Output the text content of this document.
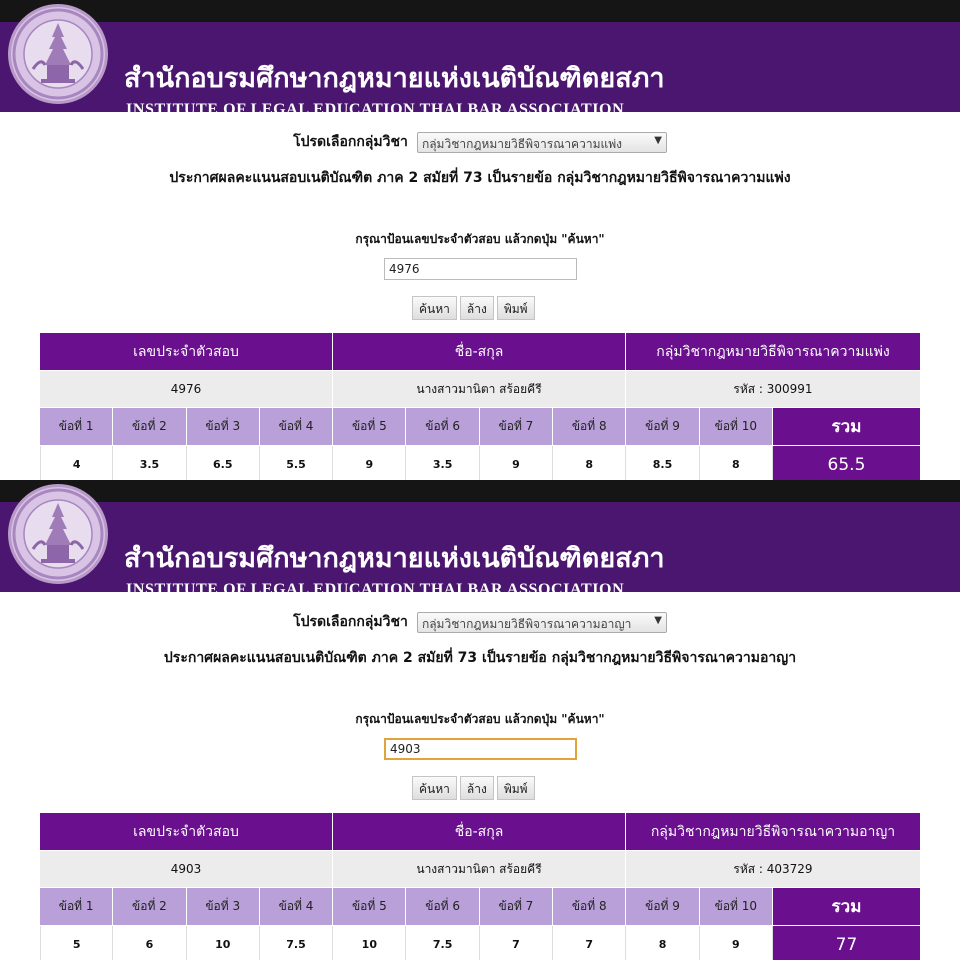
สำนักอบรมศึกษากฎหมายแห่งเนติบัณฑิตยสภา
INSTITUTE OF LEGAL EDUCATION THAI BAR ASSOCIATION
โปรดเลือกกลุ่มวิชา กลุ่มวิชากฎหมายวิธีพิจารณาความแพ่ง	▼
ประกาศผลคะแนนสอบเนติบัณฑิต ภาค 2 สมัยที่ 73 เป็นรายข้อ กลุ่มวิชากฎหมายวิธีพิจารณาความแพ่ง
กรุณาป้อนเลขประจำตัวสอบ แล้วกดปุ่ม "ค้นหา"
4976
ค้นหา ล้าง พิมพ์
เลขประจำตัวสอบ	ชื่อ-สกุล	กลุ่มวิชากฎหมายวิธีพิจารณาความแพ่ง
4976	นางสาวมานิตา สร้อยคีรี	รหัส : 300991
ข้อที่ 1	ข้อที่ 2	ข้อที่ 3	ข้อที่ 4	ข้อที่ 5	ข้อที่ 6	ข้อที่ 7	ข้อที่ 8	ข้อที่ 9	ข้อที่ 10	รวม
4	3.5	6.5	5.5	9	3.5	9	8	8.5	8	65.5
สำนักอบรมศึกษากฎหมายแห่งเนติบัณฑิตยสภา
INSTITUTE OF LEGAL EDUCATION THAI BAR ASSOCIATION
โปรดเลือกกลุ่มวิชา กลุ่มวิชากฎหมายวิธีพิจารณาความอาญา ▼
ประกาศผลคะแนนสอบเนติบัณฑิต ภาค 2 สมัยที่ 73 เป็นรายข้อ กลุ่มวิชากฎหมายวิธีพิจารณาความอาญา
กรุณาป้อนเลขประจำตัวสอบ แล้วกดปุ่ม "ค้นหา"
4903
ค้นหา ล้าง พิมพ์
เลขประจำตัวสอบ	ชื่อ-สกุล	กลุ่มวิชากฎหมายวิธีพิจารณาความอาญา
4903	นางสาวมานิตา สร้อยคีรี	รหัส : 403729
ข้อที่ 1	ข้อที่ 2	ข้อที่ 3	ข้อที่ 4	ข้อที่ 5	ข้อที่ 6	ข้อที่ 7	ข้อที่ 8	ข้อที่ 9	ข้อที่ 10	รวม
5	6	10	7.5	10	7.5	7	7	8	9	77
